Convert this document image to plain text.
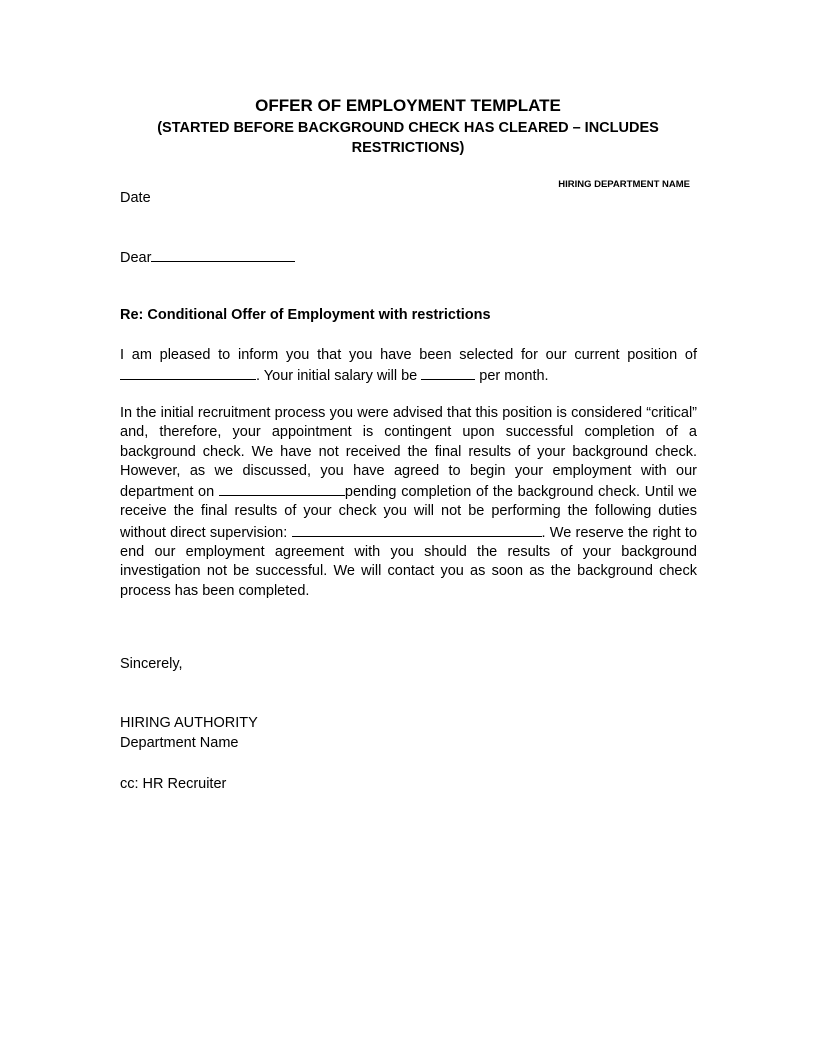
OFFER OF EMPLOYMENT TEMPLATE
(STARTED BEFORE BACKGROUND CHECK HAS CLEARED – INCLUDES RESTRICTIONS)
HIRING DEPARTMENT NAME
Date
Dear
Re: Conditional Offer of Employment with restrictions

I am pleased to inform you that you have been selected for our current position of . Your initial salary will be	per month.

In the initial recruitment process you were advised that this position is considered “critical” and, therefore, your appointment is contingent upon successful completion of a background check. We have not received the final results of your background check. However, as we discussed, you have agreed to begin your employment with our department on	pending completion of the background check. Until we receive the final results of your check you will not be performing the following duties without direct supervision:	. We reserve the right to end our employment agreement with you should the results of your background investigation not be successful. We will contact you as soon as the background check process has been completed.

Sincerely,
HIRING AUTHORITY
Department Name
cc: HR Recruiter
